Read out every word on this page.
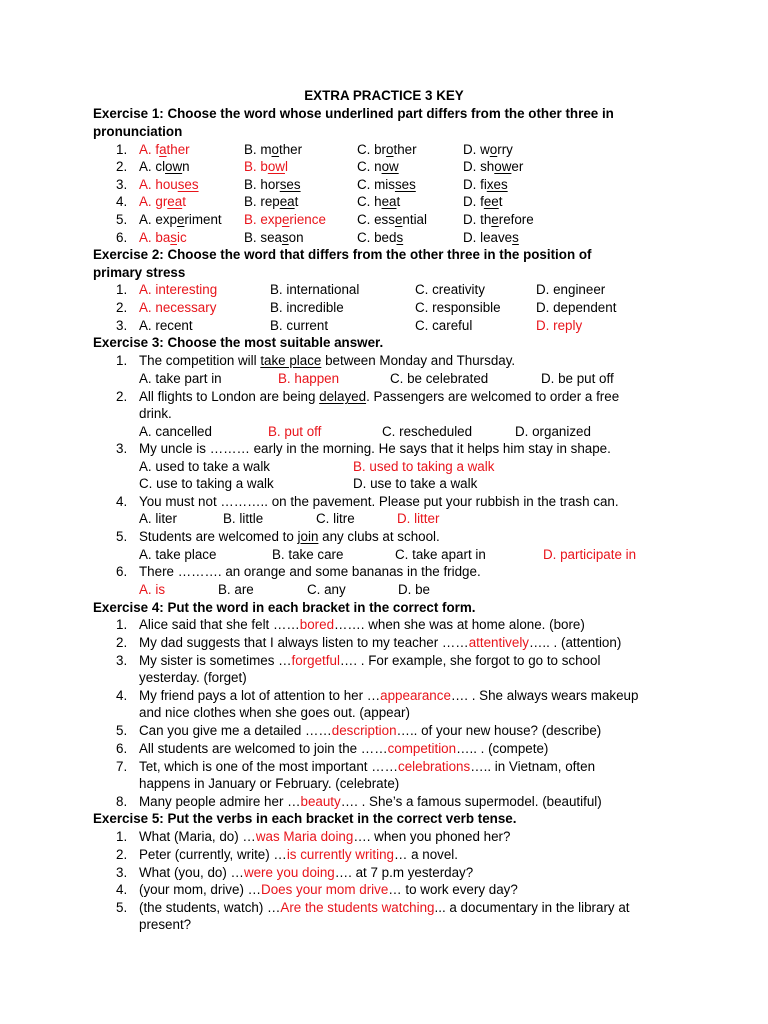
EXTRA PRACTICE 3 KEY
Exercise 1: Choose the word whose underlined part differs from the other three in
pronunciation
1. A. father	B. mother	C. brother	D. worry
2. A. clown	B. bowl	C. now	D. shower
3. A. houses	B. horses	C. misses	D. fixes
4. A. great	B. repeat	C. heat	D. feet
5. A. experiment B. experience C. essential	D. therefore
6. A. basic	B. season	C. beds	D. leaves
Exercise 2: Choose the word that differs from the other three in the position of
primary stress
1. A. interesting	B. international	C. creativity	D. engineer
2. A. necessary	B. incredible	C. responsible	D. dependent
3. A. recent	B. current	C. careful	D. reply
Exercise 3: Choose the most suitable answer.
1. The competition will take place between Monday and Thursday.
A. take part in	B. happen	C. be celebrated	D. be put off
2. All flights to London are being delayed. Passengers are welcomed to order a free
drink.
A. cancelled	B. put off	C. rescheduled	D. organized
3. My uncle is ……… early in the morning. He says that it helps him stay in shape.
A. used to take a walk	B. used to taking a walk
C. use to taking a walk	D. use to take a walk
4. You must not ……….. on the pavement. Please put your rubbish in the trash can.
A. liter	B. little	C. litre	D. litter
5. Students are welcomed to join any clubs at school.
A. take place	B. take care	C. take apart in	D. participate in
6. There ………. an orange and some bananas in the fridge.
A. is	B. are	C. any	D. be
Exercise 4: Put the word in each bracket in the correct form.
1. Alice said that she felt ……bored……. when she was at home alone. (bore)
2. My dad suggests that I always listen to my teacher ……attentively….. . (attention)
3. My sister is sometimes …forgetful…. . For example, she forgot to go to school
yesterday. (forget)
4. My friend pays a lot of attention to her …appearance…. . She always wears makeup
and nice clothes when she goes out. (appear)
5. Can you give me a detailed ……description….. of your new house? (describe)
6. All students are welcomed to join the ……competition….. . (compete)
7. Tet, which is one of the most important ……celebrations….. in Vietnam, often
happens in January or February. (celebrate)
8. Many people admire her …beauty…. . She’s a famous supermodel. (beautiful)
Exercise 5: Put the verbs in each bracket in the correct verb tense.
1. What (Maria, do) …was Maria doing…. when you phoned her?
2. Peter (currently, write) …is currently writing… a novel.
3. What (you, do) …were you doing…. at 7 p.m yesterday?
4. (your mom, drive) …Does your mom drive… to work every day?
5. (the students, watch) …Are the students watching... a documentary in the library at
present?
